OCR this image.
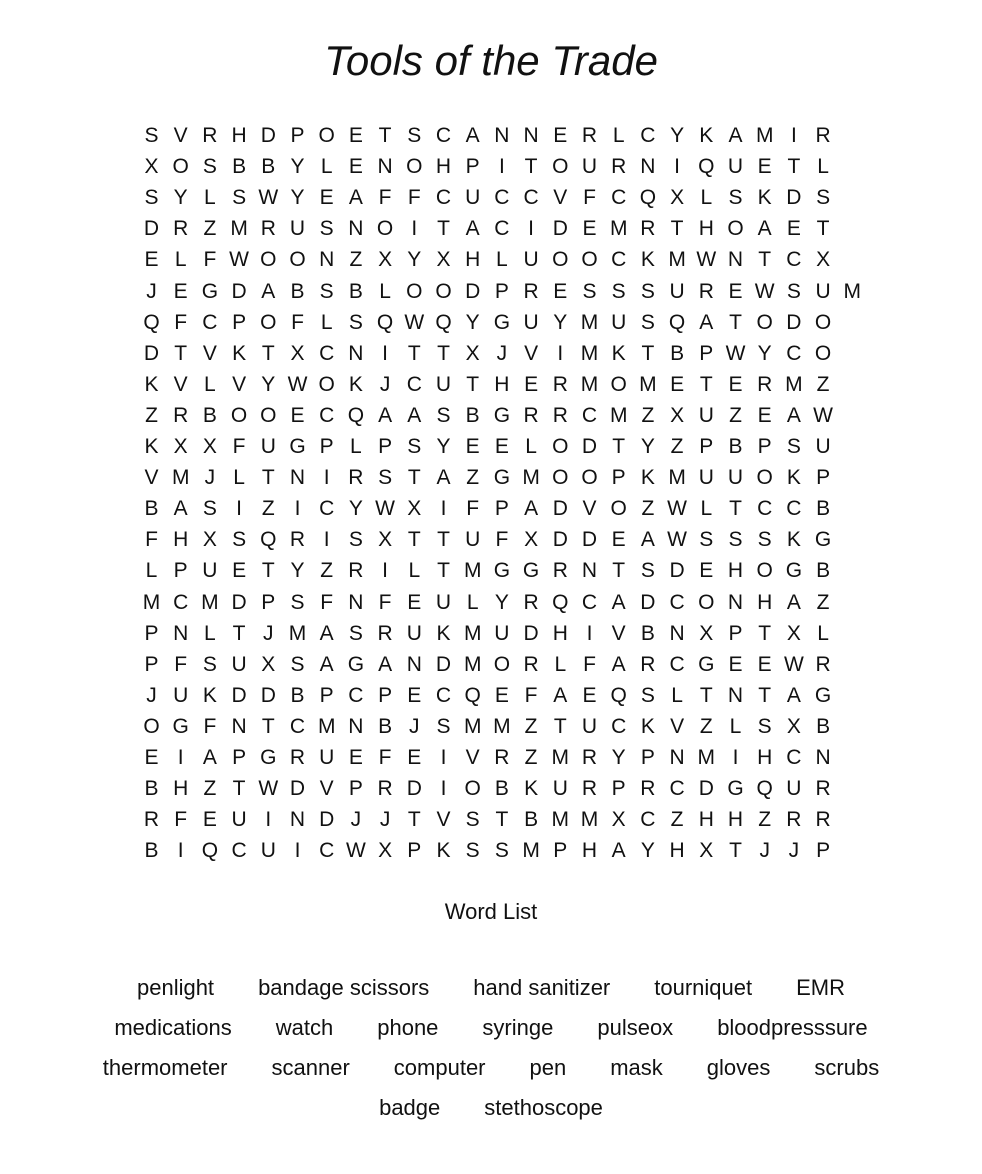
Tools of the Trade
S V R H D P O E T S C A N N E R L C Y K A M I R
X O S B B Y L E N O H P I T O U R N I Q U E T L
S Y L S W Y E A F F C U C C V F C Q X L S K D S
D R Z M R U S N O I T A C I D E M R T H O A E T
E L F W O O N Z X Y X H L U O O C K M W N T C X
J E G D A B S B L O O D P R E S S S U R E W S U M
Q F C P O F L S Q W Q Y G U Y M U S Q A T O D O
D T V K T X C N I T T X J V I M K T B P W Y C O
K V L V Y W O K J C U T H E R M O M E T E R M Z
Z R B O O E C Q A A S B G R R C M Z X U Z E A W
K X X F U G P L P S Y E E L O D T Y Z P B P S U
V M J L T N I R S T A Z G M O O P K M U U O K P
B A S I Z I C Y W X I F P A D V O Z W L T C C B
F H X S Q R I S X T T U F X D D E A W S S S K G
L P U E T Y Z R I L T M G G R N T S D E H O G B
M C M D P S F N F E U L Y R Q C A D C O N H A Z
P N L T J M A S R U K M U D H I V B N X P T X L
P F S U X S A G A N D M O R L F A R C G E E W R
J U K D D B P C P E C Q E F A E Q S L T N T A G
O G F N T C M N B J S M M Z T U C K V Z L S X B
E I A P G R U E F E I V R Z M R Y P N M I H C N
B H Z T W D V P R D I O B K U R P R C D G Q U R
R F E U I N D J J T V S T B M M X C Z H H Z R R
B I Q C U I C W X P K S S M P H A Y H X T J J P
Word List
penlight	bandage scissors	hand sanitizer	tourniquet	EMR
medications	watch	phone	syringe	pulseox	bloodpresssure
thermometer	scanner	computer	pen	mask	gloves	scrubs
badge	stethoscope
